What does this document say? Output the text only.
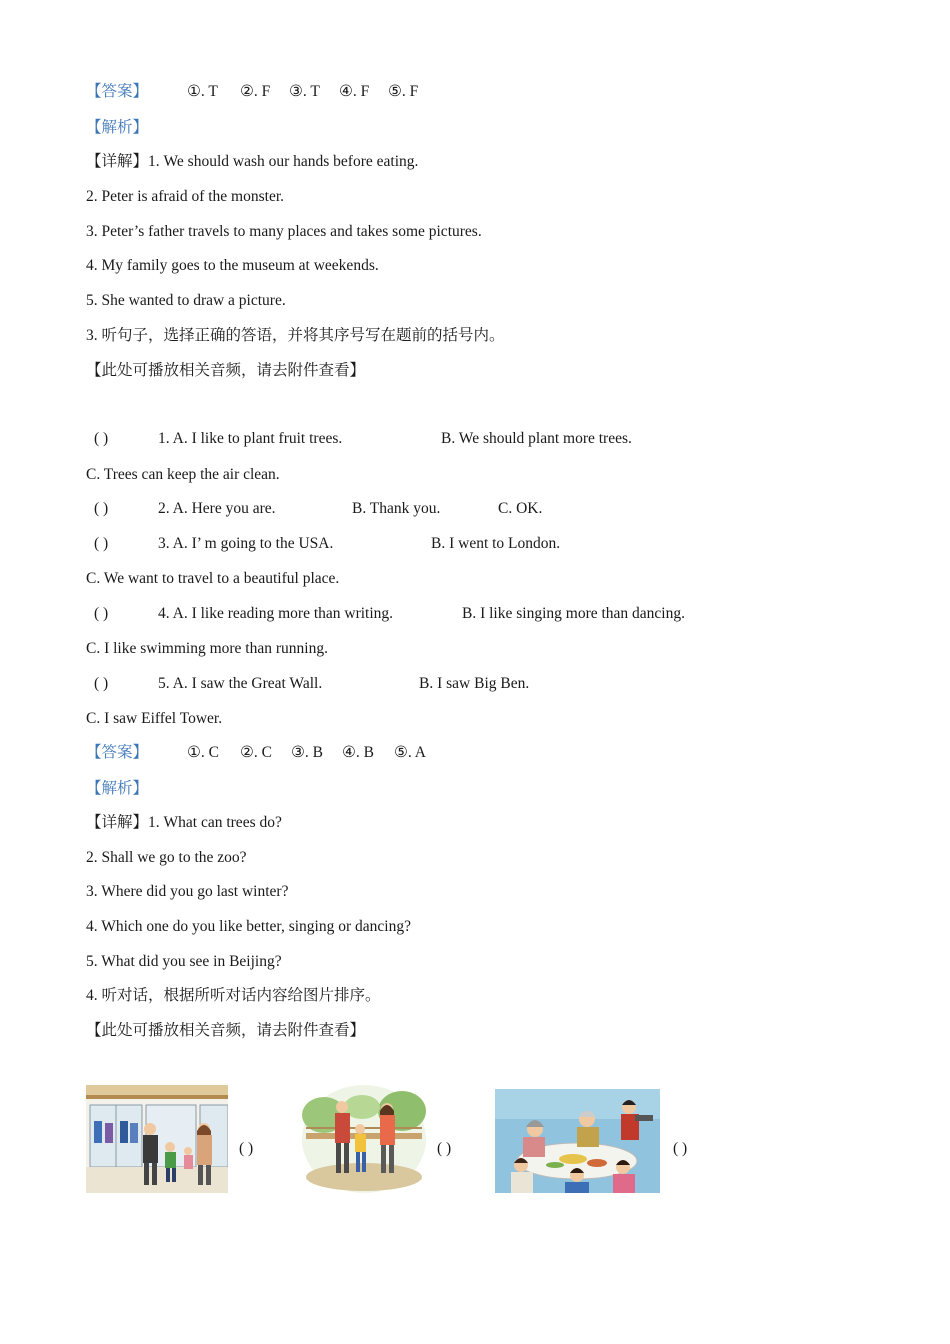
【答案】	①. T ②. F ③. T ④. F ⑤. F
【解析】
【详解】1. We should wash our hands before eating.
2. Peter is afraid of the monster.
3. Peter’s father travels to many places and takes some pictures.
4. My family goes to the museum at weekends.
5. She wanted to draw a picture.
3. 听句子，选择正确的答语，并将其序号写在题前的括号内。
【此处可播放相关音频，请去附件查看】
( )	1. A. I like to plant fruit trees.	B. We should plant more trees.
C. Trees can keep the air clean.
( )	2. A. Here you are.	B. Thank you.	C. OK.
( )	3. A. I’ m going to the USA.	B. I went to London.
C. We want to travel to a beautiful place.
( )	4. A. I like reading more than writing.	B. I like singing more than dancing.
C. I like swimming more than running.
( )	5. A. I saw the Great Wall.	B. I saw Big Ben.
C. I saw Eiffel Tower.
【答案】	①. C ②. C ③. B ④. B ⑤. A
【解析】
【详解】1. What can trees do?
2. Shall we go to the zoo?
3. Where did you go last winter?
4. Which one do you like better, singing or dancing?
5. What did you see in Beijing?
4. 听对话，根据所听对话内容给图片排序。
【此处可播放相关音频，请去附件查看】
( )	( )	( )
